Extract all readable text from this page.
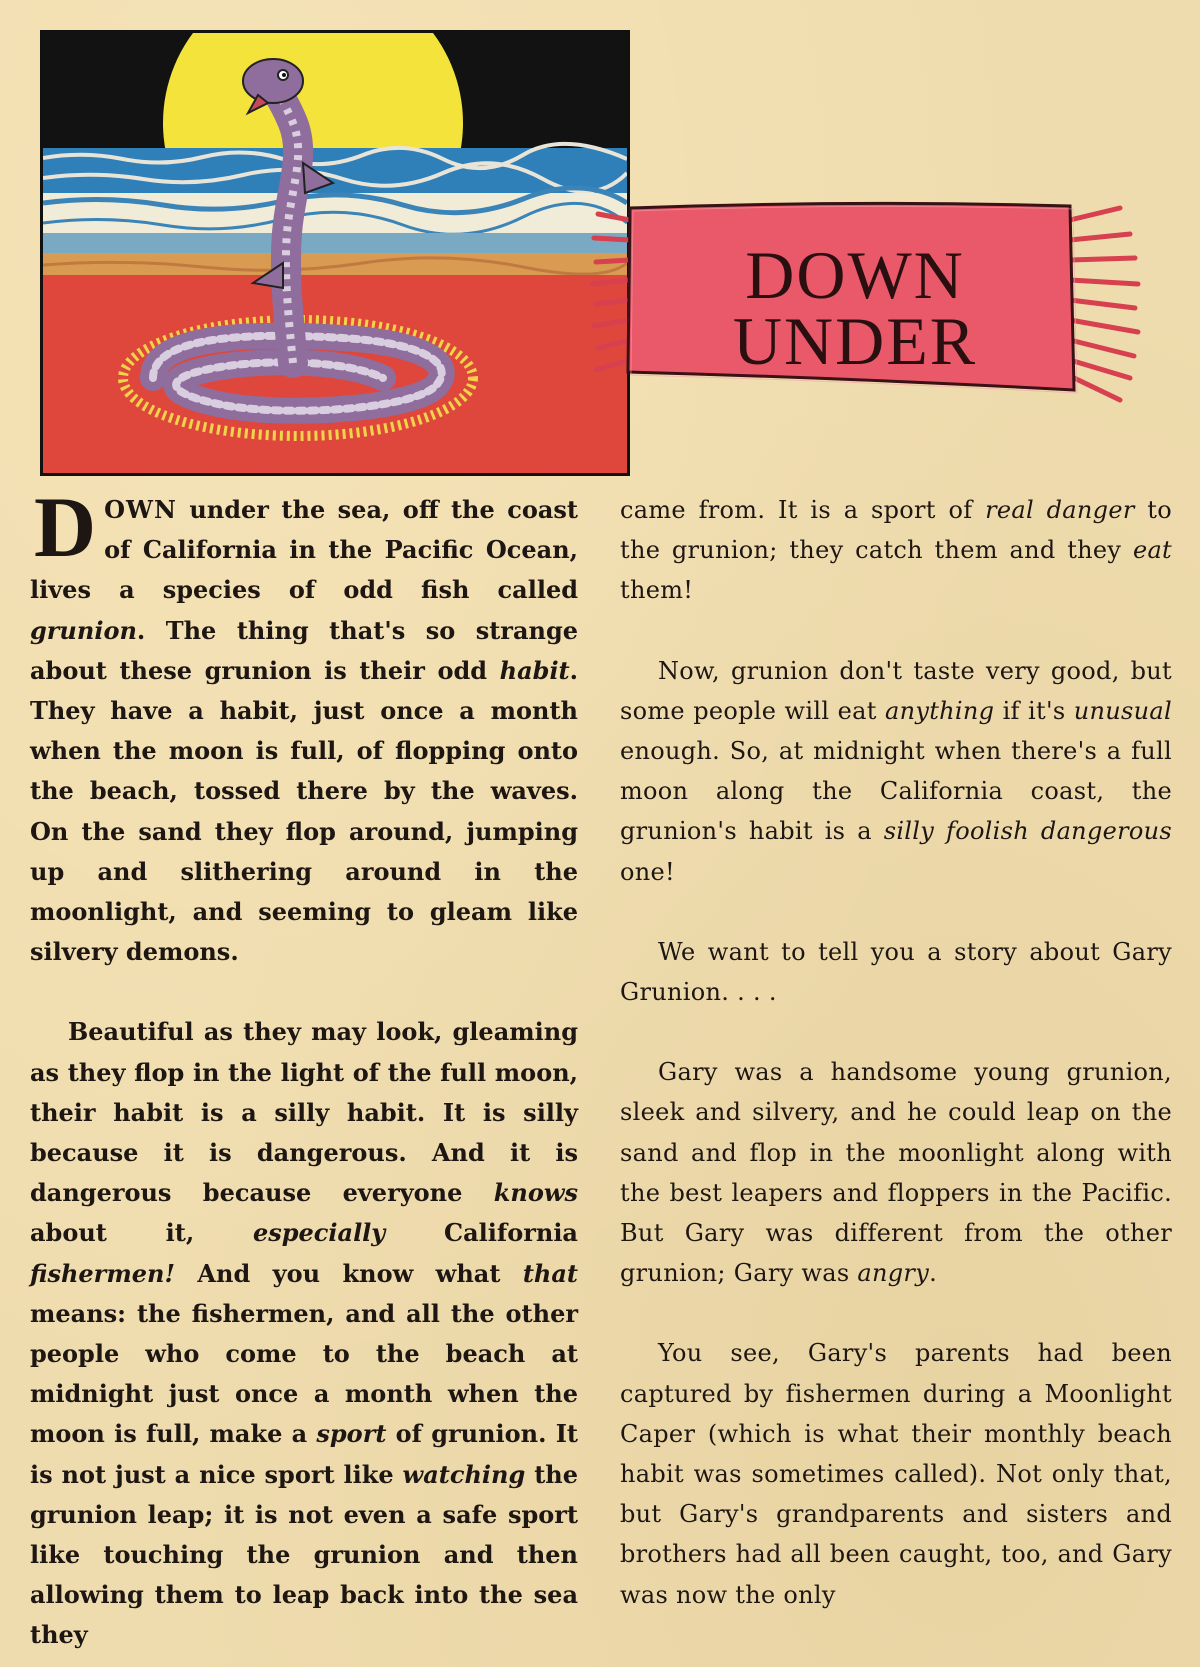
DOWN
UNDER

DOWN under the sea, off the coast of California in the Pacific Ocean, lives a species of odd fish called grunion. The thing that's so strange about these grunion is their odd habit. They have a habit, just once a month when the moon is full, of flopping onto the beach, tossed there by the waves. On the sand they flop around, jumping up and slithering around in the moonlight, and seeming to gleam like silvery demons.

Beautiful as they may look, gleaming as they flop in the light of the full moon, their habit is a silly habit. It is silly because it is dangerous. And it is dangerous because everyone knows about it, especially California fishermen! And you know what that means: the fishermen, and all the other people who come to the beach at midnight just once a month when the moon is full, make a sport of grunion. It is not just a nice sport like watching the grunion leap; it is not even a safe sport like touching the grunion and then allowing them to leap back into the sea they

came from. It is a sport of real danger to the grunion; they catch them and they eat them!

Now, grunion don't taste very good, but some people will eat anything if it's unusual enough. So, at midnight when there's a full moon along the California coast, the grunion's habit is a silly foolish dangerous one!

We want to tell you a story about Gary Grunion. . . .

Gary was a handsome young grunion, sleek and silvery, and he could leap on the sand and flop in the moonlight along with the best leapers and floppers in the Pacific. But Gary was different from the other grunion; Gary was angry.

You see, Gary's parents had been captured by fishermen during a Moonlight Caper (which is what their monthly beach habit was sometimes called). Not only that, but Gary's grandparents and sisters and brothers had all been caught, too, and Gary was now the only
